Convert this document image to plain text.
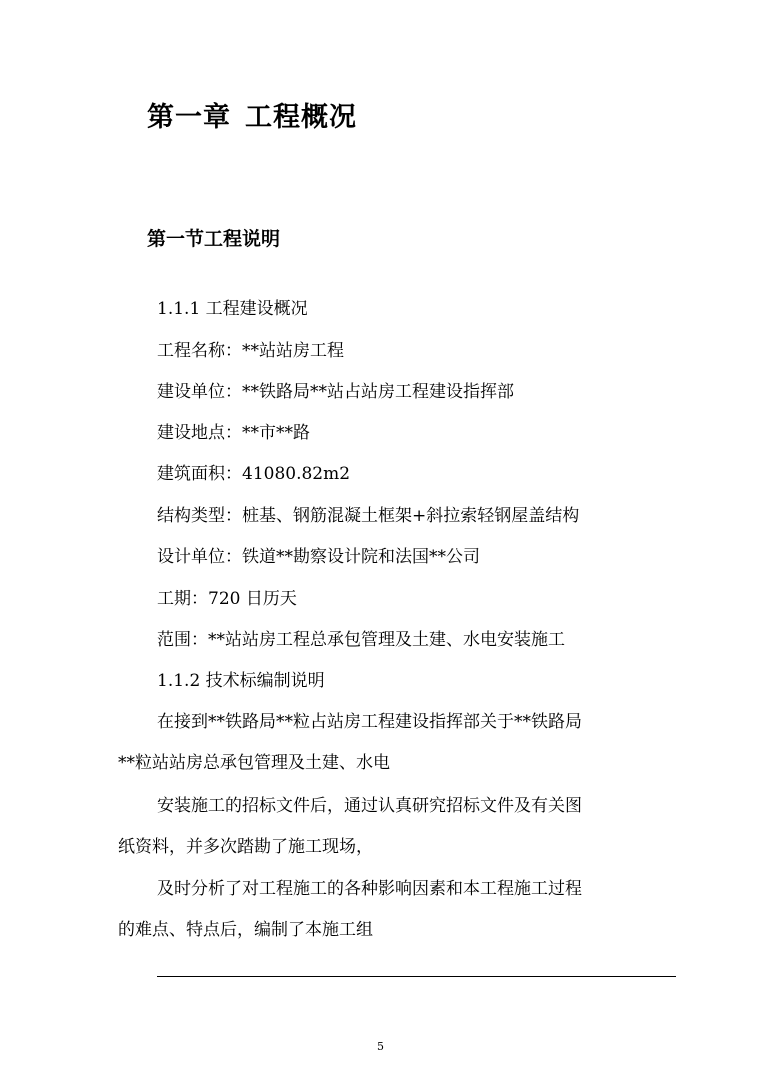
第一章 工程概况
第一节工程说明
1.1.1 工程建设概况
工程名称：**站站房工程
建设单位：**铁路局**站占站房工程建设指挥部
建设地点：**市**路
建筑面积：41080.82m2
结构类型：桩基、钢筋混凝土框架+斜拉索轻钢屋盖结构
设计单位：铁道**勘察设计院和法国**公司
工期：720 日历天
范围：**站站房工程总承包管理及土建、水电安装施工
1.1.2 技术标编制说明
在接到**铁路局**粒占站房工程建设指挥部关于**铁路局
**粒站站房总承包管理及土建、水电
安装施工的招标文件后，通过认真研究招标文件及有关图
纸资料，并多次踏勘了施工现场，
及时分析了对工程施工的各种影响因素和本工程施工过程
的难点、特点后，编制了本施工组
5
